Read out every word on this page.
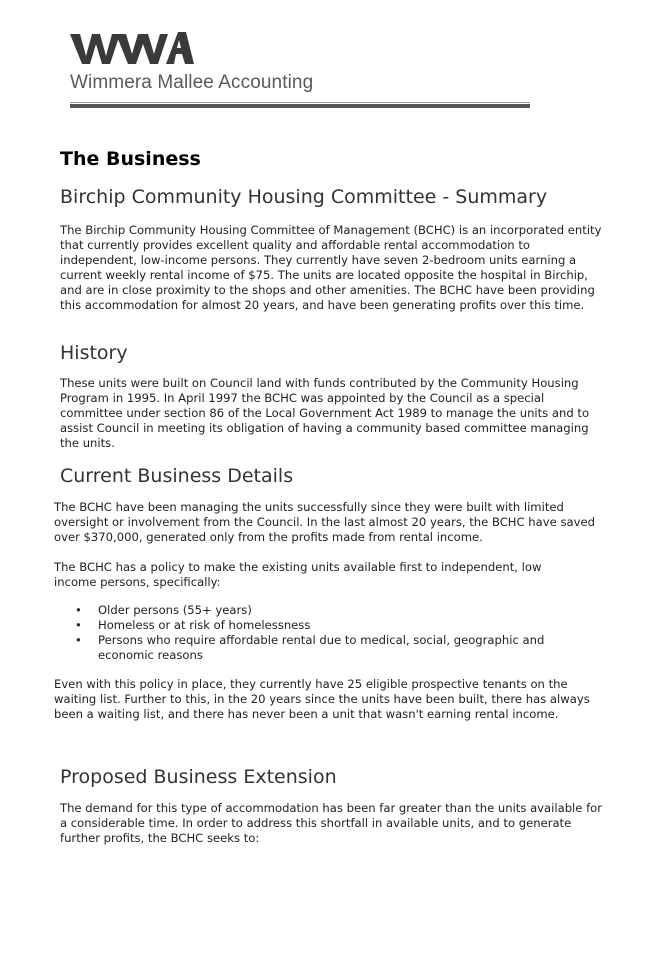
Wimmera Mallee Accounting
The Business
Birchip Community Housing Committee - Summary

The Birchip Community Housing Committee of Management (BCHC) is an incorporated entity that currently provides excellent quality and affordable rental accommodation to independent, low-income persons. They currently have seven 2-bedroom units earning a current weekly rental income of $75. The units are located opposite the hospital in Birchip, and are in close proximity to the shops and other amenities. The BCHC have been providing this accommodation for almost 20 years, and have been generating profits over this time.

History

These units were built on Council land with funds contributed by the Community Housing Program in 1995. In April 1997 the BCHC was appointed by the Council as a special committee under section 86 of the Local Government Act 1989 to manage the units and to assist Council in meeting its obligation of having a community based committee managing the units.

Current Business Details

The BCHC have been managing the units successfully since they were built with limited oversight or involvement from the Council. In the last almost 20 years, the BCHC have saved over $370,000, generated only from the profits made from rental income.

The BCHC has a policy to make the existing units available first to independent, low income persons, specifically:

• Older persons (55+ years)
• Homeless or at risk of homelessness
• Persons who require affordable rental due to medical, social, geographic and economic reasons

Even with this policy in place, they currently have 25 eligible prospective tenants on the waiting list. Further to this, in the 20 years since the units have been built, there has always been a waiting list, and there has never been a unit that wasn't earning rental income.

Proposed Business Extension

The demand for this type of accommodation has been far greater than the units available for a considerable time. In order to address this shortfall in available units, and to generate further profits, the BCHC seeks to:
